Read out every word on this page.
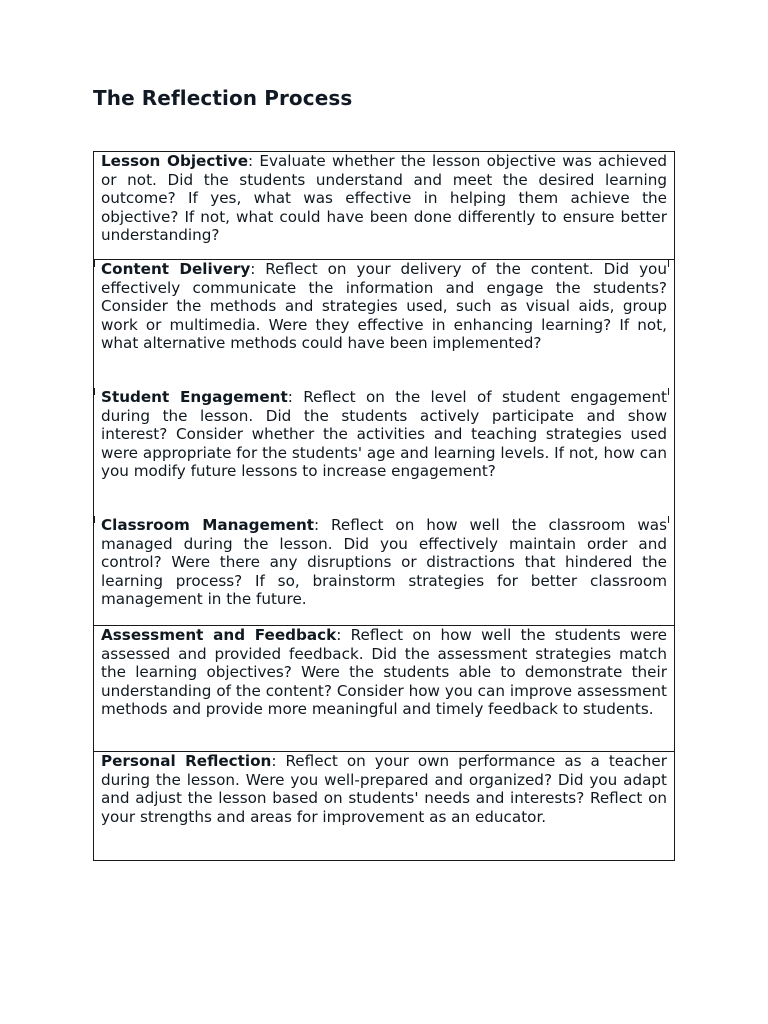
The Reflection Process

Lesson Objective: Evaluate whether the lesson objective was achieved or not. Did the students understand and meet the desired learning outcome? If yes, what was effective in helping them achieve the objective? If not, what could have been done differently to ensure better understanding?

Content Delivery: Reflect on your delivery of the content. Did you effectively communicate the information and engage the students? Consider the methods and strategies used, such as visual aids, group work or multimedia. Were they effective in enhancing learning? If not, what alternative methods could have been implemented?

Student Engagement: Reflect on the level of student engagement during the lesson. Did the students actively participate and show interest? Consider whether the activities and teaching strategies used were appropriate for the students' age and learning levels. If not, how can you modify future lessons to increase engagement?

Classroom Management: Reflect on how well the classroom was managed during the lesson. Did you effectively maintain order and control? Were there any disruptions or distractions that hindered the learning process? If so, brainstorm strategies for better classroom management in the future.

Assessment and Feedback: Reflect on how well the students were assessed and provided feedback. Did the assessment strategies match the learning objectives? Were the students able to demonstrate their understanding of the content? Consider how you can improve assessment methods and provide more meaningful and timely feedback to students.

Personal Reflection: Reflect on your own performance as a teacher during the lesson. Were you well-prepared and organized? Did you adapt and adjust the lesson based on students' needs and interests? Reflect on your strengths and areas for improvement as an educator.
